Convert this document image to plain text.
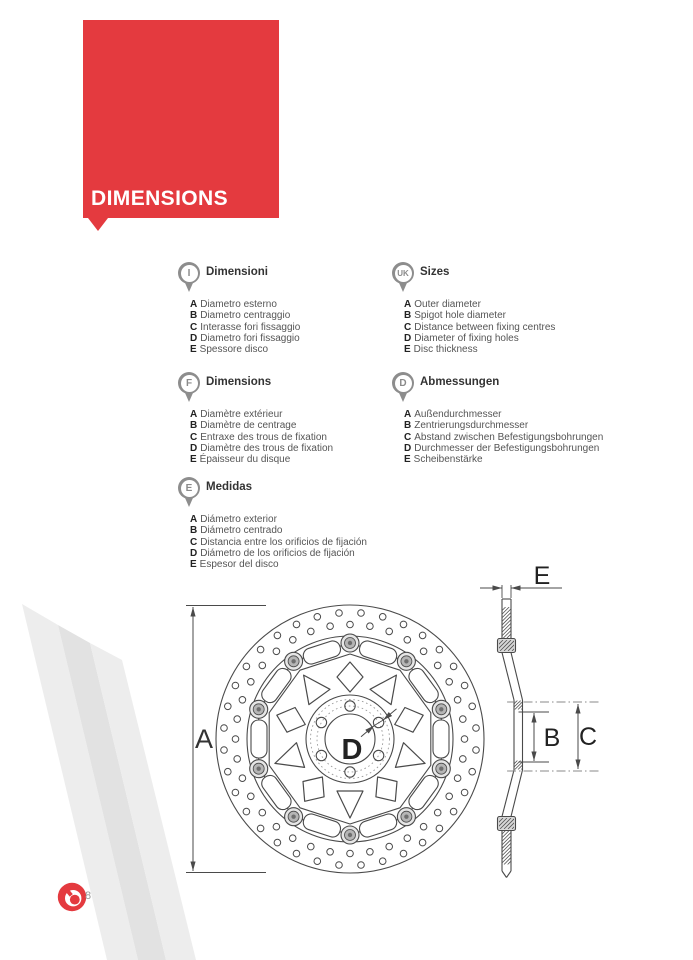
A	D
E
B C
DIMENSIONS
I	Dimensioni
A Diametro esterno
B Diametro centraggio
C Interasse fori fissaggio
D Diametro fori fissaggio
E Spessore disco
UK Sizes
A Outer diameter
B Spigot hole diameter
C Distance between fixing centres
D Diameter of fixing holes
E Disc thickness
F	Dimensions
A Diamètre extérieur
B Diamètre de centrage
C Entraxe des trous de fixation
D Diamètre des trous de fixation
E Épaisseur du disque
D	Abmessungen
A Außendurchmesser
B Zentrierungsdurchmesser
C Abstand zwischen Befestigungsbohrungen
D Durchmesser der Befestigungsbohrungen
E Scheibenstärke
E	Medidas
A Diámetro exterior
B Diámetro centrado
C Distancia entre los orificios de fijación
D Diámetro de los orificios de fijación
E Espesor del disco
8
